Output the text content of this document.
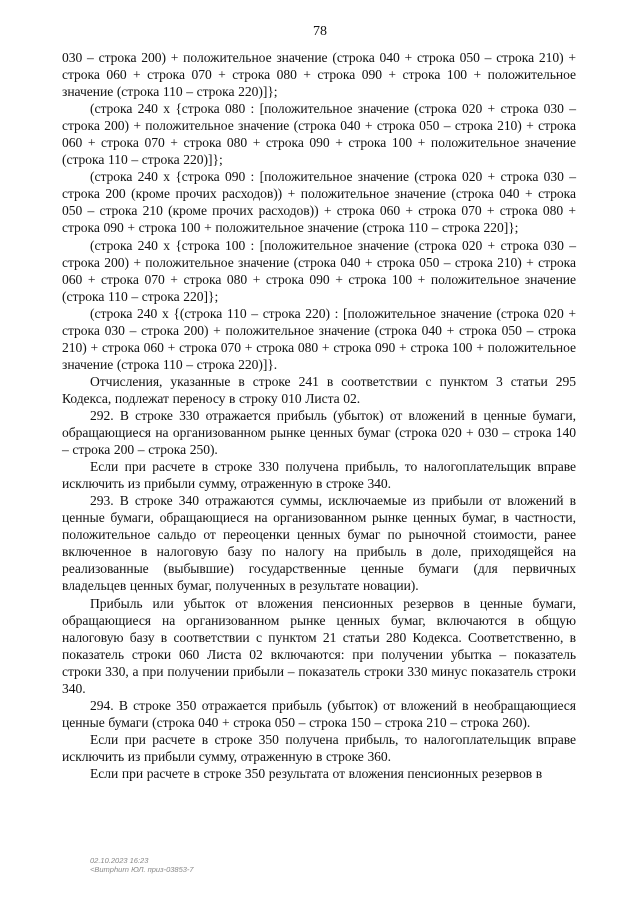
78

030 – строка 200) + положительное значение (строка 040 + строка 050 – строка 210) + строка 060 + строка 070 + строка 080 + строка 090 + строка 100 + положительное значение (строка 110 – строка 220)]};

(строка 240 х {строка 080 : [положительное значение (строка 020 + строка 030 – строка 200) + положительное значение (строка 040 + строка 050 – строка 210) + строка 060 + строка 070 + строка 080 + строка 090 + строка 100 + положительное значение (строка 110 – строка 220)]};

(строка 240 х {строка 090 : [положительное значение (строка 020 + строка 030 – строка 200 (кроме прочих расходов)) + положительное значение (строка 040 + строка 050 – строка 210 (кроме прочих расходов)) + строка 060 + строка 070 + строка 080 + строка 090 + строка 100 + положительное значение (строка 110 – строка 220]};

(строка 240 х {строка 100 : [положительное значение (строка 020 + строка 030 – строка 200) + положительное значение (строка 040 + строка 050 – строка 210) + строка 060 + строка 070 + строка 080 + строка 090 + строка 100 + положительное значение (строка 110 – строка 220]};

(строка 240 х {(строка 110 – строка 220) : [положительное значение (строка 020 + строка 030 – строка 200) + положительное значение (строка 040 + строка 050 – строка 210) + строка 060 + строка 070 + строка 080 + строка 090 + строка 100 + положительное значение (строка 110 – строка 220)]}.

Отчисления, указанные в строке 241 в соответствии с пунктом 3 статьи 295 Кодекса, подлежат переносу в строку 010 Листа 02.

292. В строке 330 отражается прибыль (убыток) от вложений в ценные бумаги, обращающиеся на организованном рынке ценных бумаг (строка 020 + 030 – строка 140 – строка 200 – строка 250).

Если при расчете в строке 330 получена прибыль, то налогоплательщик вправе исключить из прибыли сумму, отраженную в строке 340.

293. В строке 340 отражаются суммы, исключаемые из прибыли от вложений в ценные бумаги, обращающиеся на организованном рынке ценных бумаг, в частности, положительное сальдо от переоценки ценных бумаг по рыночной стоимости, ранее включенное в налоговую базу по налогу на прибыль в доле, приходящейся на реализованные (выбывшие) государственные ценные бумаги (для первичных владельцев ценных бумаг, полученных в результате новации).

Прибыль или убыток от вложения пенсионных резервов в ценные бумаги, обращающиеся на организованном рынке ценных бумаг, включаются в общую налоговую базу в соответствии с пунктом 21 статьи 280 Кодекса. Соответственно, в показатель строки 060 Листа 02 включаются: при получении убытка – показатель строки 330, а при получении прибыли – показатель строки 330 минус показатель строки 340.

294. В строке 350 отражается прибыль (убыток) от вложений в необращающиеся ценные бумаги (строка 040 + строка 050 – строка 150 – строка 210 – строка 260).

Если при расчете в строке 350 получена прибыль, то налогоплательщик вправе исключить из прибыли сумму, отраженную в строке 360.

Если при расчете в строке 350 результата от вложения пенсионных резервов в

02.10.2023 16:23
<Bumphurn ЮЛ. приз-03853-7
